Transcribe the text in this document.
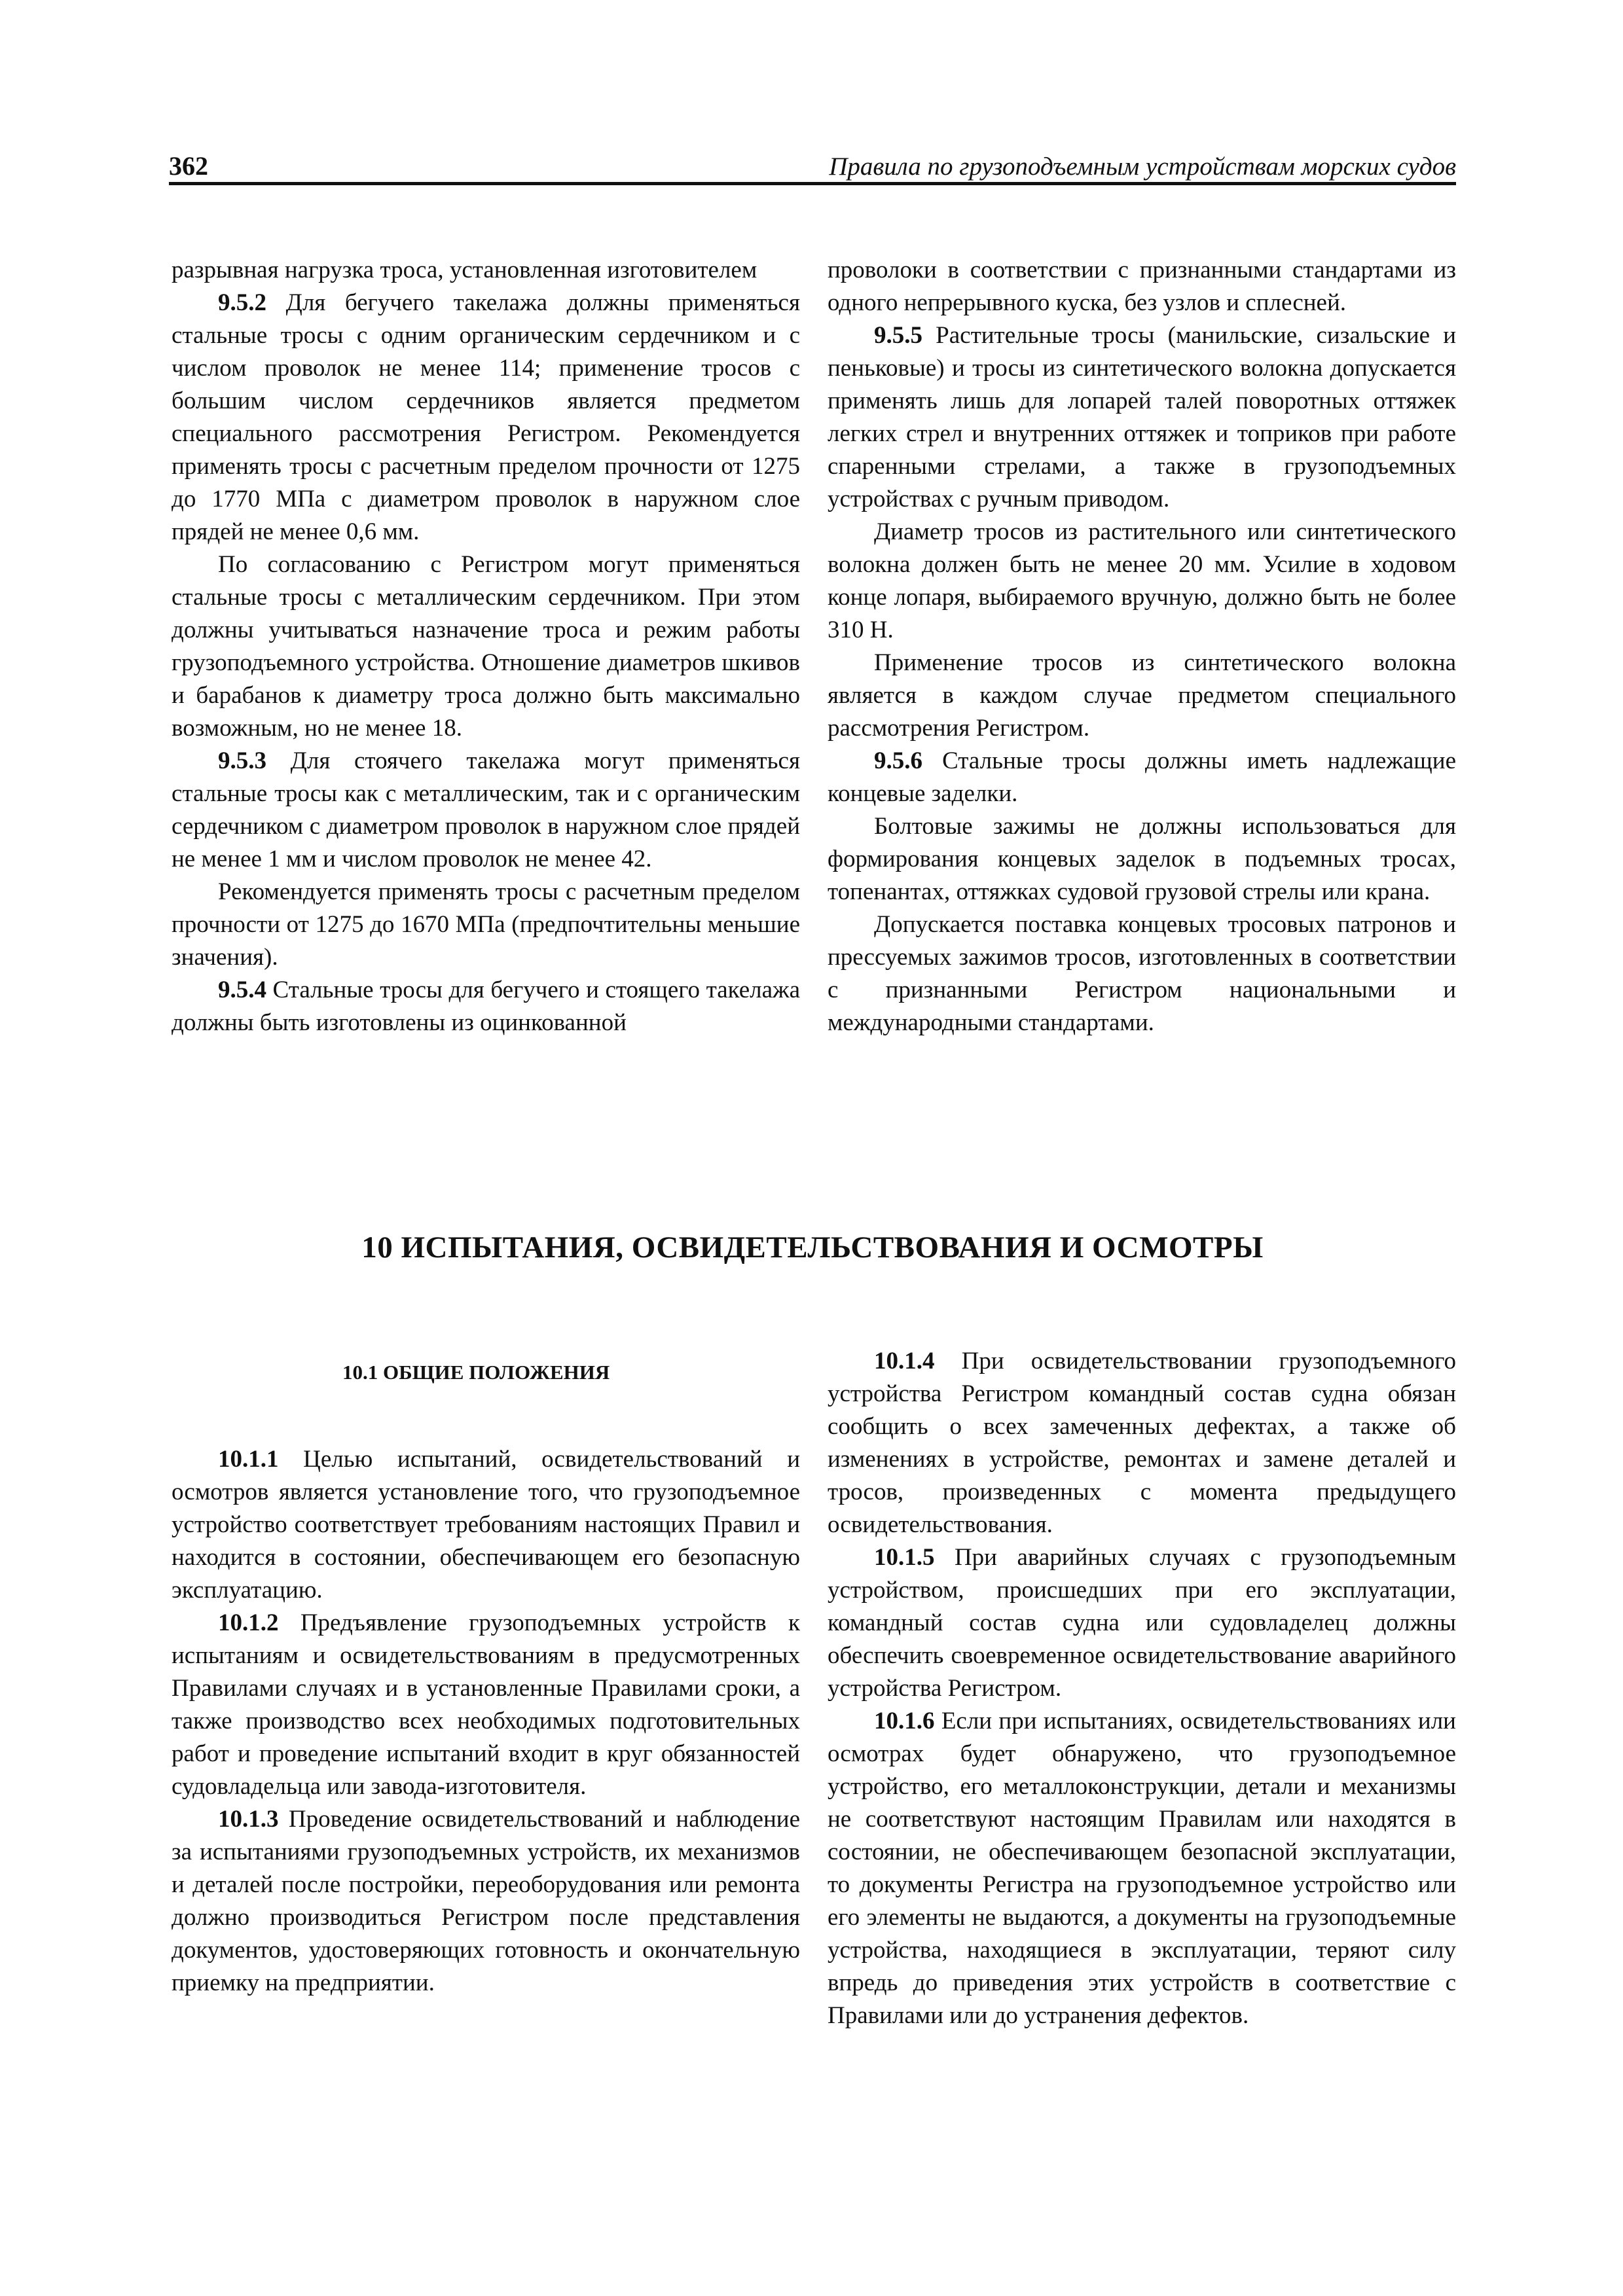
362	Правила по грузоподъемным устройствам морских судов

разрывная нагрузка троса, установленная изготовителем

9.5.2 Для бегучего такелажа должны применяться стальные тросы с одним органическим сердечником и с числом проволок не менее 114; применение тросов с большим числом сердечников является предметом специального рассмотрения Регистром. Рекомендуется применять тросы с расчетным пределом прочности от 1275 до 1770 МПа с диаметром проволок в наружном слое прядей не менее 0,6 мм.

По согласованию с Регистром могут применяться стальные тросы с металлическим сердечником. При этом должны учитываться назначение троса и режим работы грузоподъемного устройства. Отношение диаметров шкивов и барабанов к диаметру троса должно быть максимально возможным, но не менее 18.

9.5.3 Для стоячего такелажа могут применяться стальные тросы как с металлическим, так и с органическим сердечником с диаметром проволок в наружном слое прядей не менее 1 мм и числом проволок не менее 42.

Рекомендуется применять тросы с расчетным пределом прочности от 1275 до 1670 МПа (предпочтительны меньшие значения).

9.5.4 Стальные тросы для бегучего и стоящего такелажа должны быть изготовлены из оцинкованной

проволоки в соответствии с признанными стандартами из одного непрерывного куска, без узлов и сплесней.

9.5.5 Растительные тросы (манильские, сизальские и пеньковые) и тросы из синтетического волокна допускается применять лишь для лопарей талей поворотных оттяжек легких стрел и внутренних оттяжек и топриков при работе спаренными стрелами, а также в грузоподъемных устройствах с ручным приводом.

Диаметр тросов из растительного или синтетического волокна должен быть не менее 20 мм. Усилие в ходовом конце лопаря, выбираемого вручную, должно быть не более 310 Н.

Применение тросов из синтетического волокна является в каждом случае предметом специального рассмотрения Регистром.

9.5.6 Стальные тросы должны иметь надлежащие концевые заделки.

Болтовые зажимы не должны использоваться для формирования концевых заделок в подъемных тросах, топенантах, оттяжках судовой грузовой стрелы или крана.

Допускается поставка концевых тросовых патронов и прессуемых зажимов тросов, изготовленных в соответствии с признанными Регистром национальными и международными стандартами.

10 ИСПЫТАНИЯ, ОСВИДЕТЕЛЬСТВОВАНИЯ И ОСМОТРЫ
10.1 ОБЩИЕ ПОЛОЖЕНИЯ

10.1.1 Целью испытаний, освидетельствований и осмотров является установление того, что грузоподъемное устройство соответствует требованиям настоящих Правил и находится в состоянии, обеспечивающем его безопасную эксплуатацию.

10.1.2 Предъявление грузоподъемных устройств к испытаниям и освидетельствованиям в предусмотренных Правилами случаях и в установленные Правилами сроки, а также производство всех необходимых подготовительных работ и проведение испытаний входит в круг обязанностей судовладельца или завода-изготовителя.

10.1.3 Проведение освидетельствований и наблюдение за испытаниями грузоподъемных устройств, их механизмов и деталей после постройки, переоборудования или ремонта должно производиться Регистром после представления документов, удостоверяющих готовность и окончательную приемку на предприятии.

10.1.4 При освидетельствовании грузоподъемного устройства Регистром командный состав судна обязан сообщить о всех замеченных дефектах, а также об изменениях в устройстве, ремонтах и замене деталей и тросов, произведенных с момента предыдущего освидетельствования.

10.1.5 При аварийных случаях с грузоподъемным устройством, происшедших при его эксплуатации, командный состав судна или судовладелец должны обеспечить своевременное освидетельствование аварийного устройства Регистром.

10.1.6 Если при испытаниях, освидетельствованиях или осмотрах будет обнаружено, что грузоподъемное устройство, его металлоконструкции, детали и механизмы не соответствуют настоящим Правилам или находятся в состоянии, не обеспечивающем безопасной эксплуатации, то документы Регистра на грузоподъемное устройство или его элементы не выдаются, а документы на грузоподъемные устройства, находящиеся в эксплуатации, теряют силу впредь до приведения этих устройств в соответствие с Правилами или до устранения дефектов.
